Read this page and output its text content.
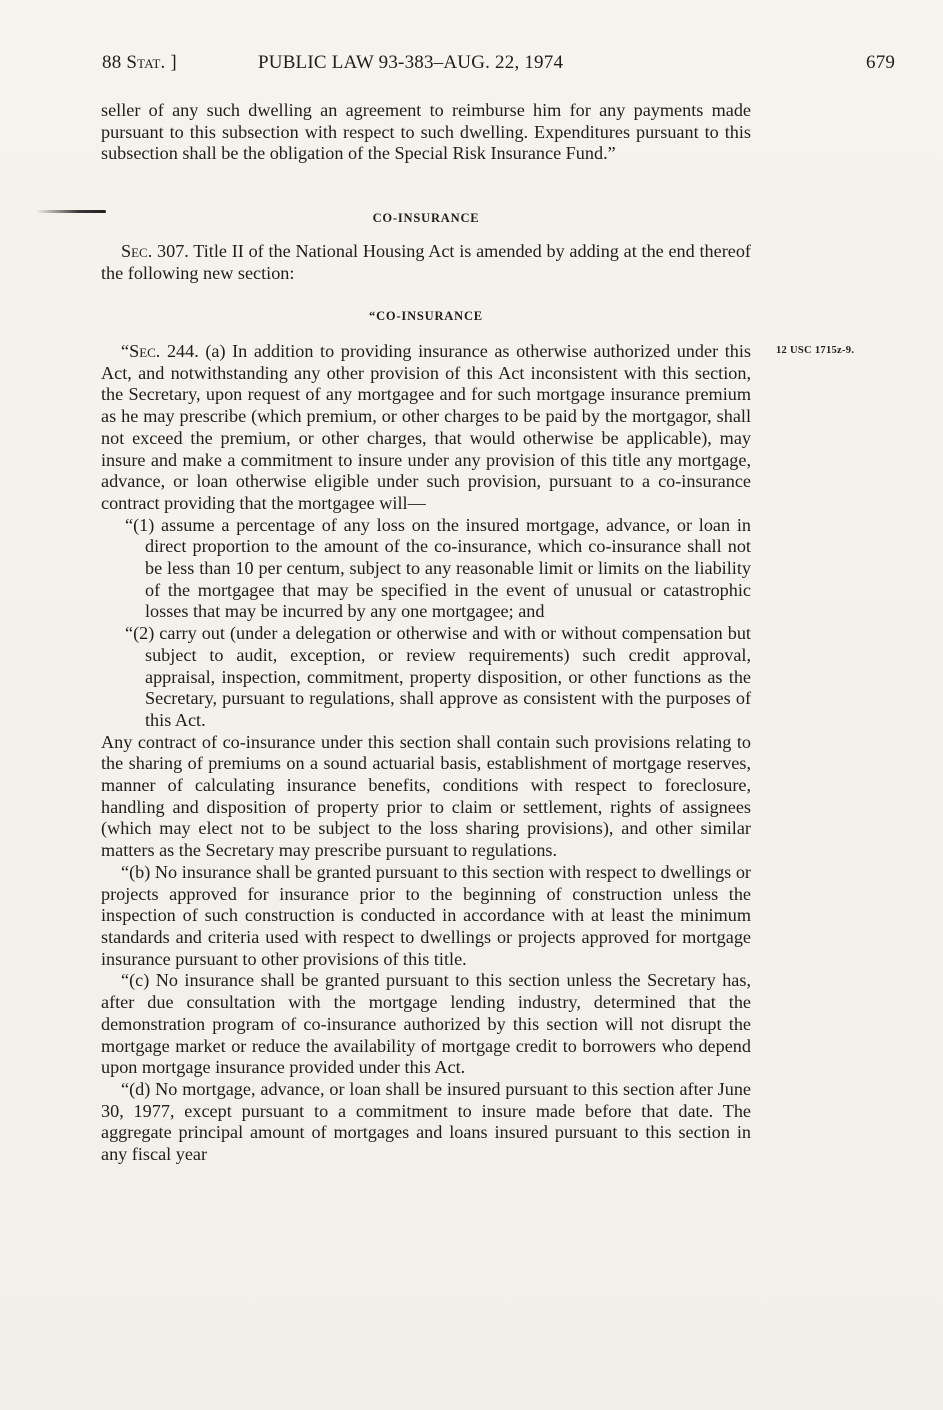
88 Stat. ]	PUBLIC LAW 93-383–AUG. 22, 1974	679

seller of any such dwelling an agreement to reimburse him for any payments made pursuant to this subsection with respect to such dwelling. Expenditures pursuant to this subsection shall be the obligation of the Special Risk Insurance Fund.”

CO-INSURANCE

Sec. 307. Title II of the National Housing Act is amended by adding at the end thereof the following new section:

“CO-INSURANCE
12 USC 1715z-9.

“Sec. 244. (a) In addition to providing insurance as otherwise authorized under this Act, and notwithstanding any other provision of this Act inconsistent with this section, the Secretary, upon request of any mortgagee and for such mortgage insurance premium as he may prescribe (which premium, or other charges to be paid by the mortgagor, shall not exceed the premium, or other charges, that would otherwise be applicable), may insure and make a commitment to insure under any provision of this title any mortgage, advance, or loan otherwise eligible under such provision, pursuant to a co-insurance contract providing that the mortgagee will—

“(1) assume a percentage of any loss on the insured mortgage, advance, or loan in direct proportion to the amount of the co-insurance, which co-insurance shall not be less than 10 per centum, subject to any reasonable limit or limits on the liability of the mortgagee that may be specified in the event of unusual or catastrophic losses that may be incurred by any one mortgagee; and

“(2) carry out (under a delegation or otherwise and with or without compensation but subject to audit, exception, or review requirements) such credit approval, appraisal, inspection, commitment, property disposition, or other functions as the Secretary, pursuant to regulations, shall approve as consistent with the purposes of this Act.

Any contract of co-insurance under this section shall contain such provisions relating to the sharing of premiums on a sound actuarial basis, establishment of mortgage reserves, manner of calculating insurance benefits, conditions with respect to foreclosure, handling and disposition of property prior to claim or settlement, rights of assignees (which may elect not to be subject to the loss sharing provisions), and other similar matters as the Secretary may prescribe pursuant to regulations.

“(b) No insurance shall be granted pursuant to this section with respect to dwellings or projects approved for insurance prior to the beginning of construction unless the inspection of such construction is conducted in accordance with at least the minimum standards and criteria used with respect to dwellings or projects approved for mortgage insurance pursuant to other provisions of this title.

“(c) No insurance shall be granted pursuant to this section unless the Secretary has, after due consultation with the mortgage lending industry, determined that the demonstration program of co-insurance authorized by this section will not disrupt the mortgage market or reduce the availability of mortgage credit to borrowers who depend upon mortgage insurance provided under this Act.

“(d) No mortgage, advance, or loan shall be insured pursuant to this section after June 30, 1977, except pursuant to a commitment to insure made before that date. The aggregate principal amount of mortgages and loans insured pursuant to this section in any fiscal year
